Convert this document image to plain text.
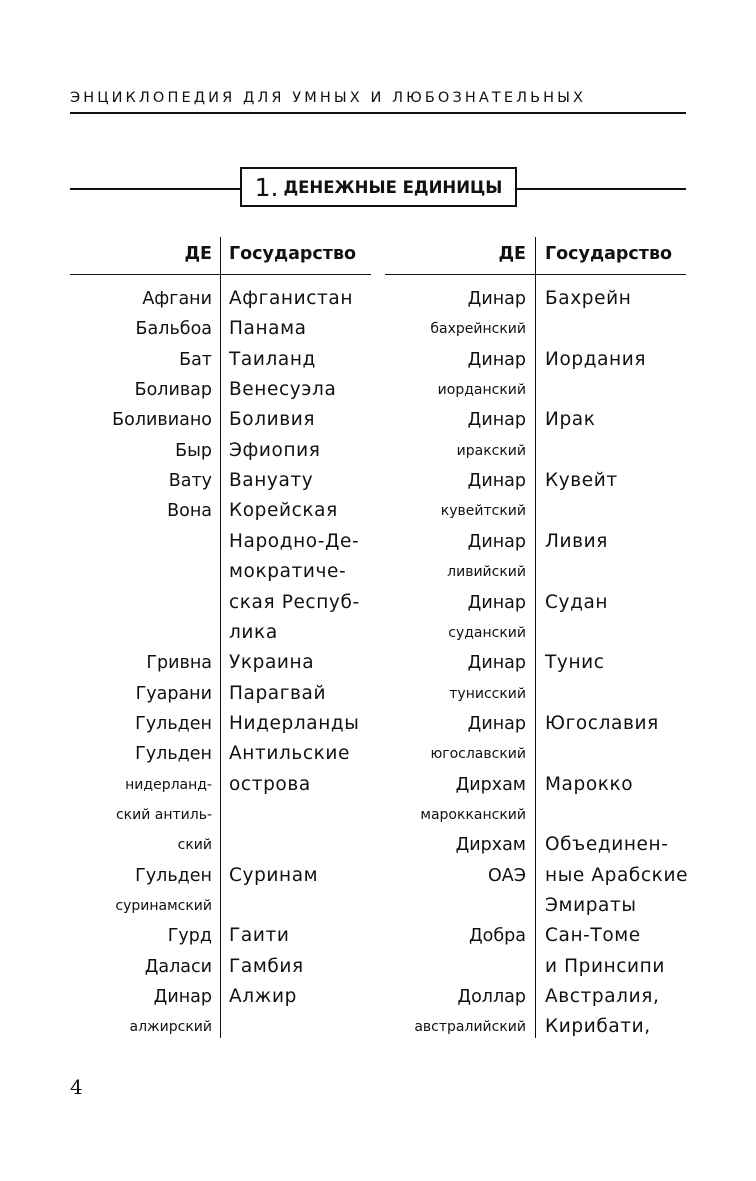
ЭНЦИКЛОПЕДИЯ ДЛЯ УМНЫХ И ЛЮБОЗНАТЕЛЬНЫХ
1. ДЕНЕЖНЫЕ ЕДИНИЦЫ
ДЕ Государство	ДЕ Государство
Афгани Афганистан
Бальбоа Панама
Бат Таиланд
Боливар Венесуэла
Боливиано Боливия
Быр Эфиопия
Вату Вануату
Вона Корейская
Народно-Де-
мократиче-
ская Респуб-
лика
Гривна Украина
Гуарани Парагвай
Гульден Нидерланды
Гульден Антильские
нидерланд- острова
ский антиль-
ский
Гульден Суринам
суринамский
Гурд Гаити
Даласи Гамбия
Динар Алжир
алжирский
Динар Бахрейн
бахрейнский
Динар Иордания
иорданский
Динар Ирак
иракский
Динар Кувейт
кувейтский
Динар Ливия
ливийский
Динар Судан
суданский
Динар Тунис
тунисский
Динар Югославия
югославский
Дирхам Марокко
марокканский
Дирхам Объединен-
ОАЭ ные Арабские
Эмираты
Добра Сан-Томе
и Принсипи
Доллар Австралия,
австралийский Кирибати,
4
